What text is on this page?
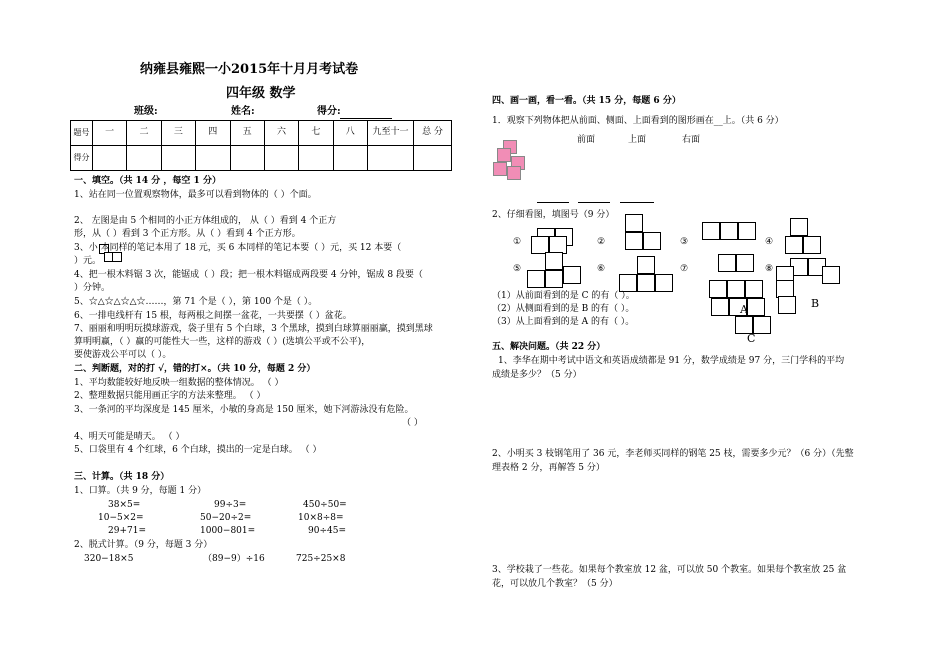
纳雍县雍熙一小2015年十月月考试卷
四年级 数学
班级:	姓名:	得分:
题号	一	二	三	四	五	六	七	八	九至十一	总 分
得分										
一、填空。（共 14 分 ，每空 1 分）
1、站在同一位置观察物体，最多可以看到物体的（ ）个面。
2、 左图是由 5 个相同的小正方体组成的， 从（ ）看到 4 个正方
形，从（ ）看到 3 个正方形。从（ ）看到 4 个正方形。
3、小 本同样的笔记本用了 18 元，买 6 本同样的笔记本要（ ）元，买 12 本要（
）元。
4、把一根木料锯 3 次，能锯成（ ）段；把一根木料锯成两段要 4 分钟，锯成 8 段要（
）分钟。
5、☆△☆△☆△☆……，第 71 个是（ ），第 100 个是（ ）。
6、一排电线杆有 15 根，每两根之间摆一盆花，一共要摆（ ）盆花。
7、丽丽和明明玩摸球游戏，袋子里有 5 个白球，3 个黑球，摸到白球算丽丽赢，摸到黑球
算明明赢，（ ）赢的可能性大一些，这样的游戏（ ）(选填公平或不公平)，
要使游戏公平可以（ ）。
二、判断题，对的打 √，错的打×。（共 10 分，每题 2 分）
1、平均数能较好地反映一组数据的整体情况。 （ ）
2、整理数据只能用画正字的方法来整理。 （ ）
3、一条河的平均深度是 145 厘米，小敏的身高是 150 厘米，她下河游泳没有危险。
（ ）
4、明天可能是晴天。 （ ）
5、口袋里有 4 个红球，6 个白球，摸出的一定是白球。 （ ）
三、计算。（共 18 分）
1、口算。（共 9 分，每题 1 分）
38×5=	99÷3=	450÷50=
10−5×2=	50−20÷2=	10×8÷8=
29+71=	1000−801=	90÷45=
2、脱式计算。（9 分，每题 3 分）
320−18×5	（89−9）÷16	725÷25×8
四、画一画，看一看。（共 15 分，每题 6 分）
1．观察下列物体把从前面、侧面、上面看到的图形画在__上。（共 6 分）
前面	上面	右面
2、仔细看图，填图号（9 分）
①	②	③	④
⑤	⑥	⑦	⑧
A	B
C
（1）从前面看到的是 C 的有（ ）。
（2）从侧面看到的是 B 的有（ ）。
（3）从上面看到的是 A 的有（ ）。
五、解决问题。（共 22 分）
1、李华在期中考试中语文和英语成绩都是 91 分，数学成绩是 97 分，三门学科的平均
成绩是多少？（5 分）
2、小明买 3 枝钢笔用了 36 元，李老师买同样的钢笔 25 枝，需要多少元？（6 分）（先整
理表格 2 分，再解答 5 分）
3、学校栽了一些花。如果每个教室放 12 盆，可以放 50 个教室。如果每个教室放 25 盆
花，可以放几个教室？（5 分）
